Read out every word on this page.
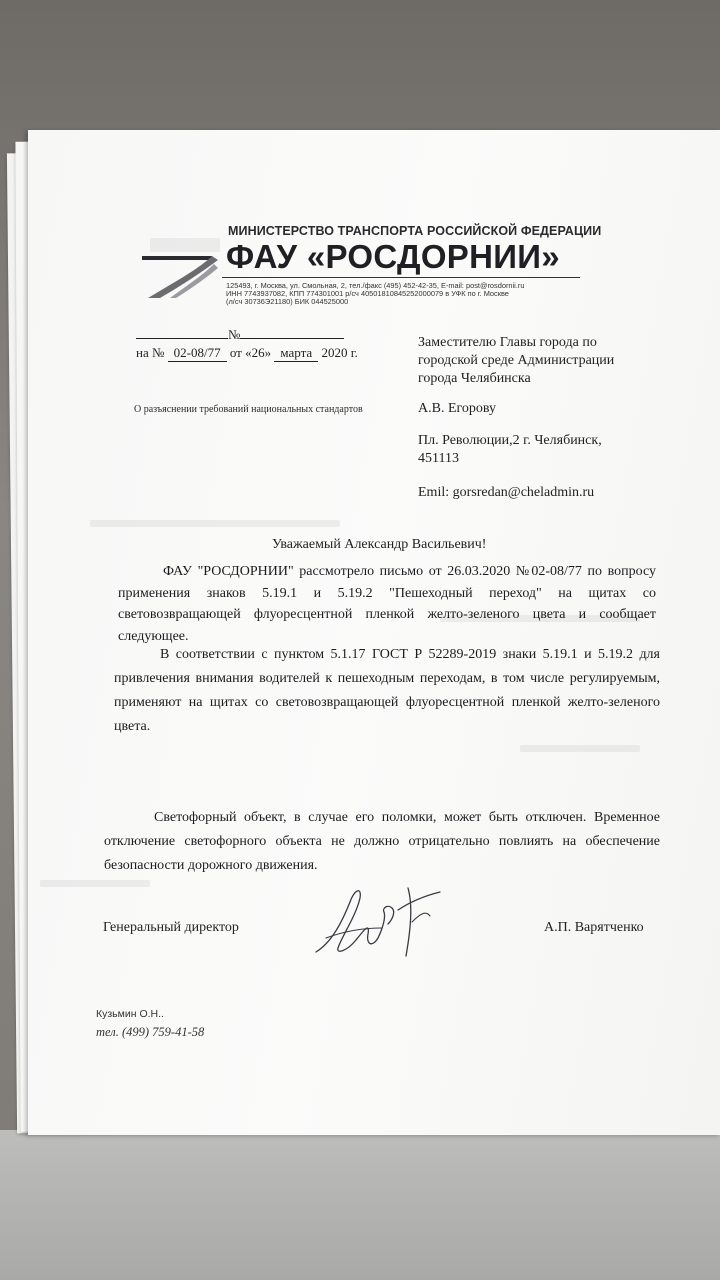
МИНИСТЕРСТВО ТРАНСПОРТА РОССИЙСКОЙ ФЕДЕРАЦИИ
ФАУ «РОСДОРНИИ»
125493, г. Москва, ул. Смольная, 2, тел./факс (495) 452-42-35, E-mail: post@rosdornii.ru
ИНН 7743937082, КПП 774301001 р/сч 40501810845252000079 в УФК по г. Москве
(л/сч 30736Э21180) БИК 044525000
№
на № 02-08/77 от «26» марта 2020 г.
О разъяснении требований национальных стандартов
Заместителю Главы города по
городской среде Администрации
города Челябинска
А.В. Егорову
Пл. Революции,2 г. Челябинск,
451113
Emil: gorsredan@cheladmin.ru
Уважаемый Александр Васильевич!
ФАУ "РОСДОРНИИ" рассмотрело письмо от 26.03.2020 №02-08/77 по вопросу применения знаков 5.19.1 и 5.19.2 "Пешеходный переход" на щитах со световозвращающей флуоресцентной пленкой желто-зеленого цвета и сообщает следующее.
В соответствии с пунктом 5.1.17 ГОСТ Р 52289-2019 знаки 5.19.1 и 5.19.2 для привлечения внимания водителей к пешеходным переходам, в том числе регулируемым, применяют на щитах со световозвращающей флуоресцентной пленкой желто-зеленого цвета.
Светофорный объект, в случае его поломки, может быть отключен. Временное отключение светофорного объекта не должно отрицательно повлиять на обеспечение безопасности дорожного движения.
Генеральный директор	А.П. Варятченко
Кузьмин О.Н..
тел. (499) 759-41-58
